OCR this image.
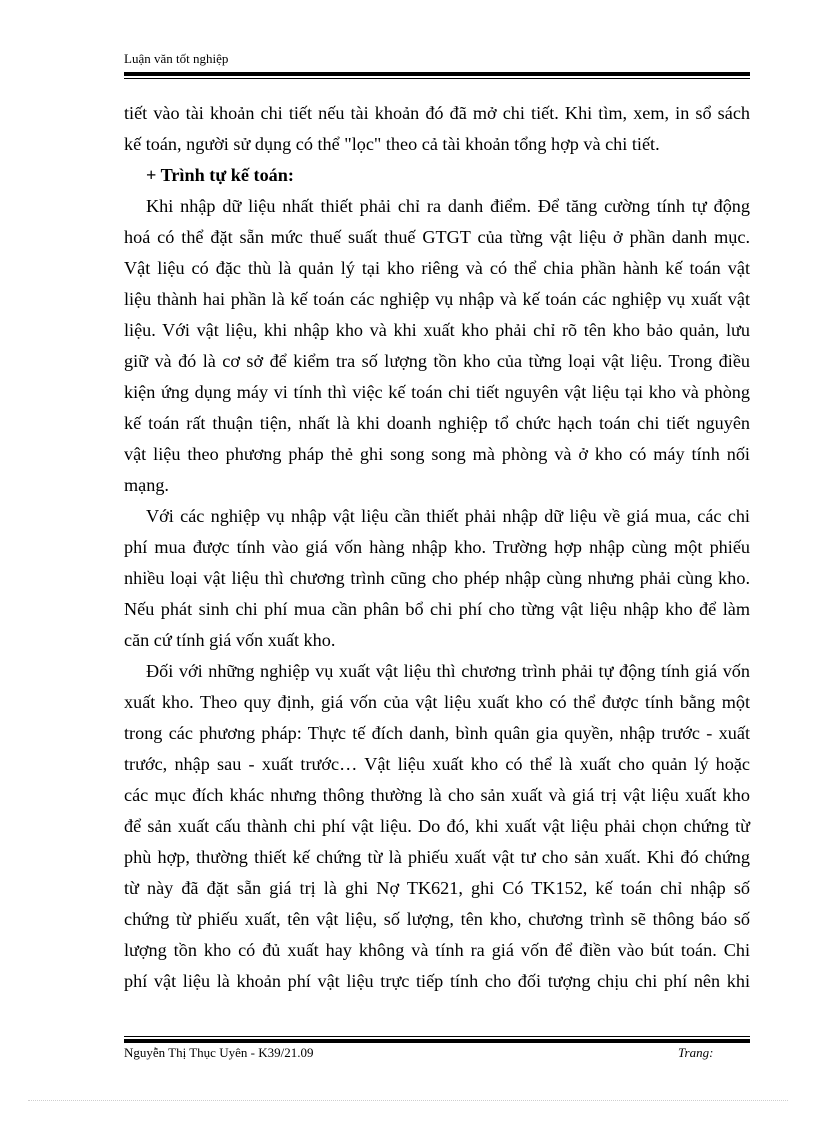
Luận văn tốt nghiệp
tiết vào tài khoản chi tiết nếu tài khoản đó đã mở chi tiết. Khi tìm, xem, in sổ sách
kế toán, người sử dụng có thể "lọc" theo cả tài khoản tổng hợp và chi tiết.
+ Trình tự kế toán:
Khi nhập dữ liệu nhất thiết phải chỉ ra danh điểm. Để tăng cường tính tự động
hoá có thể đặt sẵn mức thuế suất thuế GTGT của từng vật liệu ở phần danh mục.
Vật liệu có đặc thù là quản lý tại kho riêng và có thể chia phần hành kế toán vật
liệu thành hai phần là kế toán các nghiệp vụ nhập và kế toán các nghiệp vụ xuất vật
liệu. Với vật liệu, khi nhập kho và khi xuất kho phải chỉ rõ tên kho bảo quản, lưu
giữ và đó là cơ sở để kiểm tra số lượng tồn kho của từng loại vật liệu. Trong điều
kiện ứng dụng máy vi tính thì việc kế toán chi tiết nguyên vật liệu tại kho và phòng
kế toán rất thuận tiện, nhất là khi doanh nghiệp tổ chức hạch toán chi tiết nguyên
vật liệu theo phương pháp thẻ ghi song song mà phòng và ở kho có máy tính nối
mạng.
Với các nghiệp vụ nhập vật liệu cần thiết phải nhập dữ liệu về giá mua, các chi
phí mua được tính vào giá vốn hàng nhập kho. Trường hợp nhập cùng một phiếu
nhiều loại vật liệu thì chương trình cũng cho phép nhập cùng nhưng phải cùng kho.
Nếu phát sinh chi phí mua cần phân bổ chi phí cho từng vật liệu nhập kho để làm
căn cứ tính giá vốn xuất kho.
Đối với những nghiệp vụ xuất vật liệu thì chương trình phải tự động tính giá vốn
xuất kho. Theo quy định, giá vốn của vật liệu xuất kho có thể được tính bằng một
trong các phương pháp: Thực tế đích danh, bình quân gia quyền, nhập trước - xuất
trước, nhập sau - xuất trước… Vật liệu xuất kho có thể là xuất cho quản lý hoặc
các mục đích khác nhưng thông thường là cho sản xuất và giá trị vật liệu xuất kho
để sản xuất cấu thành chi phí vật liệu. Do đó, khi xuất vật liệu phải chọn chứng từ
phù hợp, thường thiết kế chứng từ là phiếu xuất vật tư cho sản xuất. Khi đó chứng
từ này đã đặt sẵn giá trị là ghi Nợ TK621, ghi Có TK152, kế toán chỉ nhập số
chứng từ phiếu xuất, tên vật liệu, số lượng, tên kho, chương trình sẽ thông báo số
lượng tồn kho có đủ xuất hay không và tính ra giá vốn để điền vào bút toán. Chi
phí vật liệu là khoản phí vật liệu trực tiếp tính cho đối tượng chịu chi phí nên khi
Nguyễn Thị Thục Uyên - K39/21.09	Trang:
